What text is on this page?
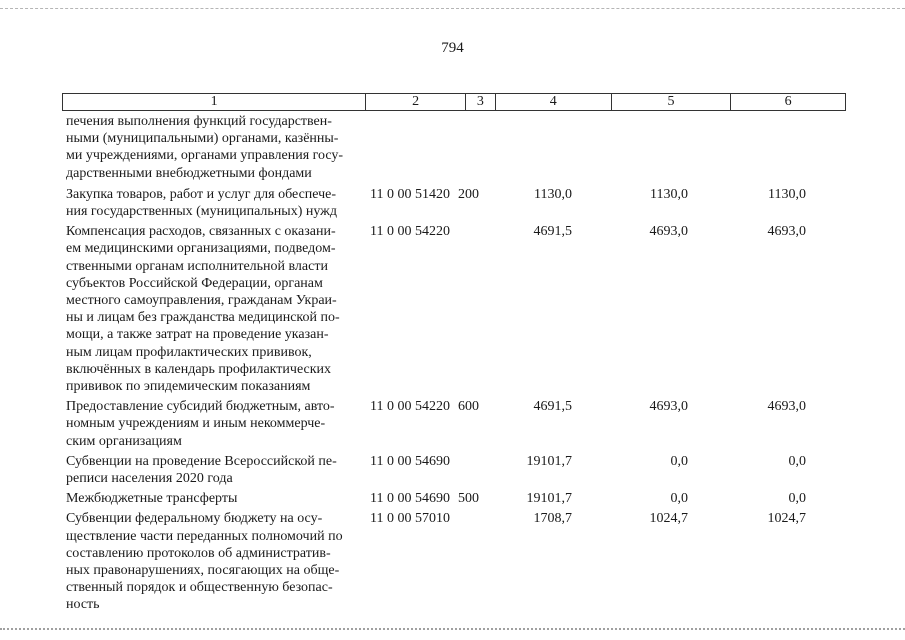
794
1	2	3	4	5	6
печения выполнения функций государствен-
ными (муниципальными) органами, казённы-
ми учреждениями, органами управления госу-
дарственными внебюджетными фондами
Закупка товаров, работ и услуг для обеспече-
ния государственных (муниципальных) нужд
11 0 00 51420 200	1130,0	1130,0	1130,0
Компенсация расходов, связанных с оказани-
ем медицинскими организациями, подведом-
ственными органам исполнительной власти
субъектов Российской Федерации, органам
местного самоуправления, гражданам Украи-
ны и лицам без гражданства медицинской по-
мощи, а также затрат на проведение указан-
ным лицам профилактических прививок,
включённых в календарь профилактических
прививок по эпидемическим показаниям
11 0 00 54220	4691,5	4693,0	4693,0
Предоставление субсидий бюджетным, авто-
номным учреждениям и иным некоммерче-
ским организациям
11 0 00 54220 600	4691,5	4693,0	4693,0
Субвенции на проведение Всероссийской пе-
реписи населения 2020 года
11 0 00 54690	19101,7	0,0	0,0
Межбюджетные трансферты	11 0 00 54690 500	19101,7	0,0	0,0
Субвенции федеральному бюджету на осу-
ществление части переданных полномочий по
составлению протоколов об административ-
ных правонарушениях, посягающих на обще-
ственный порядок и общественную безопас-
ность
11 0 00 57010	1708,7	1024,7	1024,7
